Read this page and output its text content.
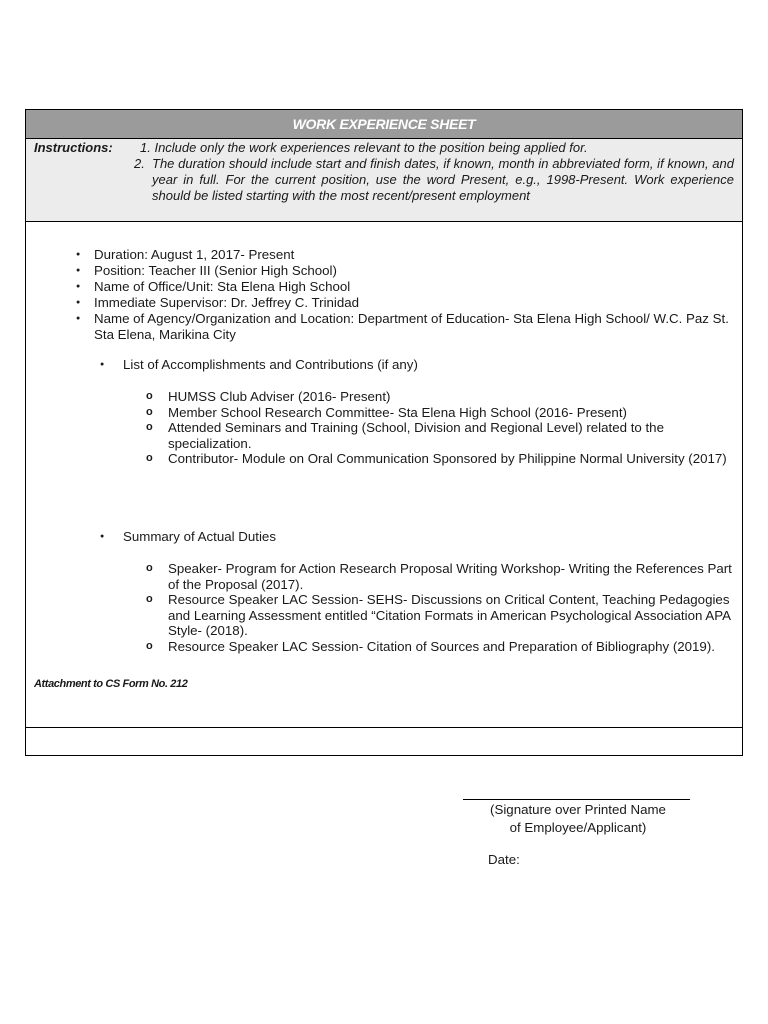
WORK EXPERIENCE SHEET
Instructions: 1. Include only the work experiences relevant to the position being applied for.
2. The duration should include start and finish dates, if known, month in abbreviated form, if known, and year in full. For the current position, use the word Present, e.g., 1998-Present. Work experience should be listed starting with the most recent/present employment
● Duration: August 1, 2017- Present
● Position: Teacher III (Senior High School)
● Name of Office/Unit: Sta Elena High School
● Immediate Supervisor: Dr. Jeffrey C. Trinidad
● Name of Agency/Organization and Location: Department of Education- Sta Elena High School/ W.C. Paz St. Sta Elena, Marikina City
● List of Accomplishments and Contributions (if any)
o HUMSS Club Adviser (2016- Present)
o Member School Research Committee- Sta Elena High School (2016- Present)
o Attended Seminars and Training (School, Division and Regional Level) related to the specialization.
o Contributor- Module on Oral Communication Sponsored by Philippine Normal University (2017)
● Summary of Actual Duties
o Speaker- Program for Action Research Proposal Writing Workshop- Writing the References Part of the Proposal (2017).
o Resource Speaker LAC Session- SEHS- Discussions on Critical Content, Teaching Pedagogies and Learning Assessment entitled “Citation Formats in American Psychological Association APA Style- (2018).
o Resource Speaker LAC Session- Citation of Sources and Preparation of Bibliography (2019).
Attachment to CS Form No. 212
(Signature over Printed Name
of Employee/Applicant)
Date:
